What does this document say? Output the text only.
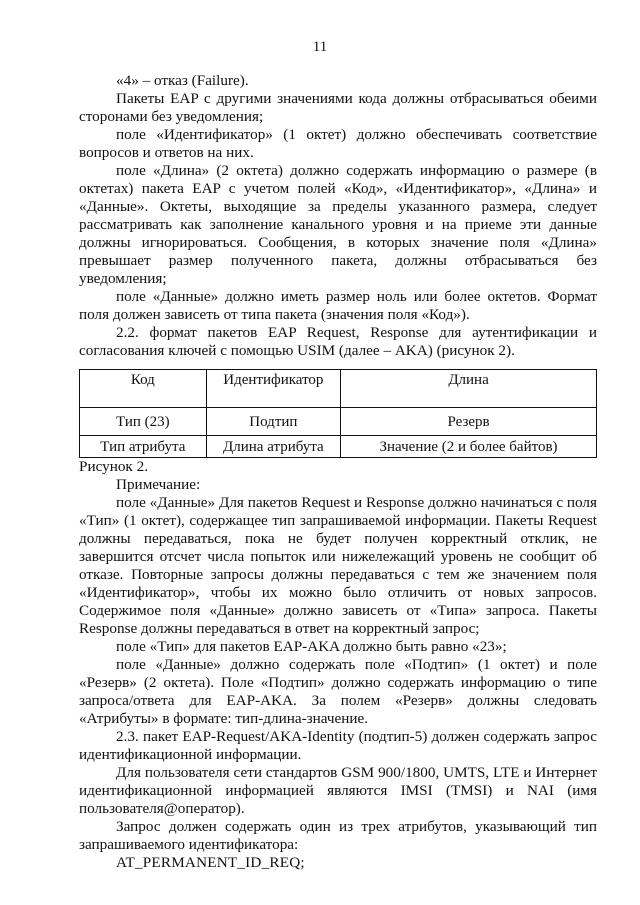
11

«4» – отказ (Failure).

Пакеты EAP с другими значениями кода должны отбрасываться обеими сторонами без уведомления;

поле «Идентификатор» (1 октет) должно обеспечивать соответствие вопросов и ответов на них.

поле «Длина» (2 октета) должно содержать информацию о размере (в октетах) пакета EAP с учетом полей «Код», «Идентификатор», «Длина» и «Данные». Октеты, выходящие за пределы указанного размера, следует рассматривать как заполнение канального уровня и на приеме эти данные должны игнорироваться. Сообщения, в которых значение поля «Длина» превышает размер полученного пакета, должны отбрасываться без уведомления;

поле «Данные» должно иметь размер ноль или более октетов. Формат поля должен зависеть от типа пакета (значения поля «Код»).

2.2. формат пакетов EAP Request, Response для аутентификации и согласования ключей с помощью USIM (далее – AKA) (рисунок 2).

Код	Идентификатор	Длина
Тип (23)	Подтип	Резерв
Тип атрибута	Длина атрибута	Значение (2 и более байтов)

Рисунок 2.

Примечание:

поле «Данные» Для пакетов Request и Response должно начинаться с поля «Тип» (1 октет), содержащее тип запрашиваемой информации. Пакеты Request должны передаваться, пока не будет получен корректный отклик, не завершится отсчет числа попыток или нижележащий уровень не сообщит об отказе. Повторные запросы должны передаваться с тем же значением поля «Идентификатор», чтобы их можно было отличить от новых запросов. Содержимое поля «Данные» должно зависеть от «Типа» запроса. Пакеты Response должны передаваться в ответ на корректный запрос;

поле «Тип» для пакетов EAP-AKA должно быть равно «23»;

поле «Данные» должно содержать поле «Подтип» (1 октет) и поле «Резерв» (2 октета). Поле «Подтип» должно содержать информацию о типе запроса/ответа для EAP-AKA. За полем «Резерв» должны следовать «Атрибуты» в формате: тип-длина-значение.

2.3. пакет EAP-Request/AKA-Identity (подтип-5) должен содержать запрос идентификационной информации.

Для пользователя сети стандартов GSM 900/1800, UMTS, LTE и Интернет идентификационной информацией являются IMSI (TMSI) и NAI (имя пользователя@оператор).

Запрос должен содержать один из трех атрибутов, указывающий тип запрашиваемого идентификатора:

AT_PERMANENT_ID_REQ;
